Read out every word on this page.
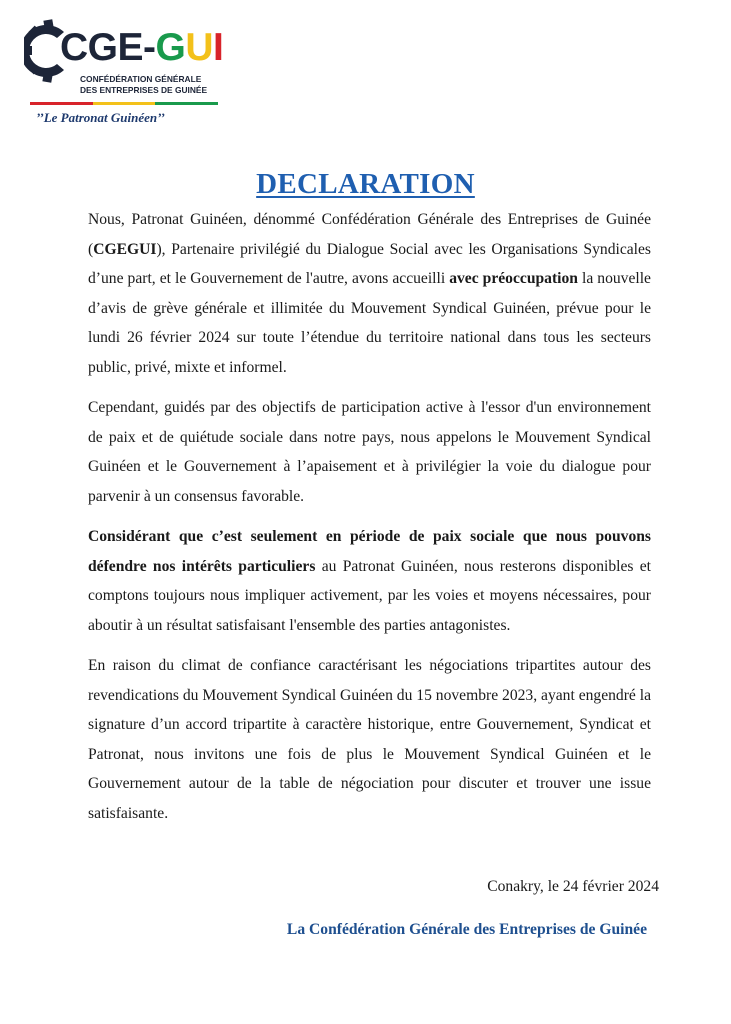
CGE-GUI
CONFÉDÉRATION GÉNÉRALE
DES ENTREPRISES DE GUINÉE
’’Le Patronat Guinéen’’
DECLARATION

Nous, Patronat Guinéen, dénommé Confédération Générale des Entreprises de Guinée (CGEGUI), Partenaire privilégié du Dialogue Social avec les Organisations Syndicales d’une part, et le Gouvernement de l'autre, avons accueilli avec préoccupation la nouvelle d’avis de grève générale et illimitée du Mouvement Syndical Guinéen, prévue pour le lundi 26 février 2024 sur toute l’étendue du territoire national dans tous les secteurs public, privé, mixte et informel.

Cependant, guidés par des objectifs de participation active à l'essor d'un environnement de paix et de quiétude sociale dans notre pays, nous appelons le Mouvement Syndical Guinéen et le Gouvernement à l’apaisement et à privilégier la voie du dialogue pour parvenir à un consensus favorable.

Considérant que c’est seulement en période de paix sociale que nous pouvons défendre nos intérêts particuliers au Patronat Guinéen, nous resterons disponibles et comptons toujours nous impliquer activement, par les voies et moyens nécessaires, pour aboutir à un résultat satisfaisant l'ensemble des parties antagonistes.

En raison du climat de confiance caractérisant les négociations tripartites autour des revendications du Mouvement Syndical Guinéen du 15 novembre 2023, ayant engendré la signature d’un accord tripartite à caractère historique, entre Gouvernement, Syndicat et Patronat, nous invitons une fois de plus le Mouvement Syndical Guinéen et le Gouvernement autour de la table de négociation pour discuter et trouver une issue satisfaisante.

Conakry, le 24 février 2024
La Confédération Générale des Entreprises de Guinée
